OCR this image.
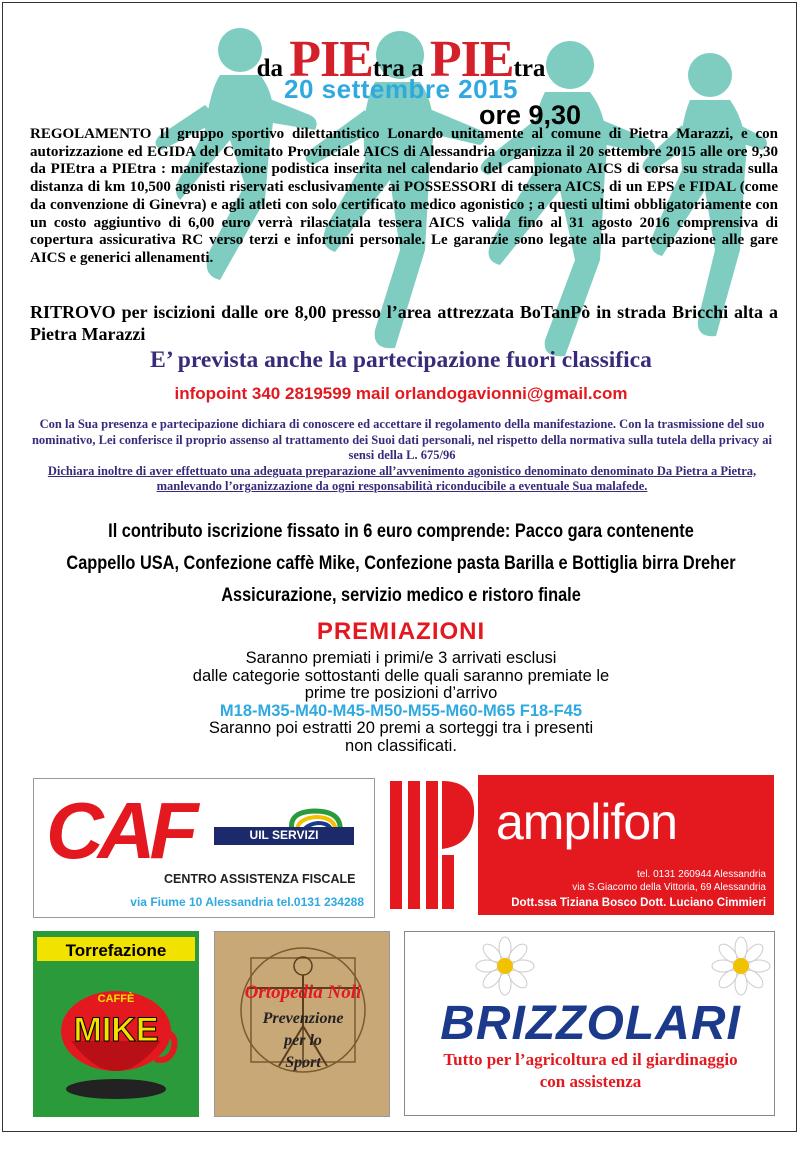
da PIEtra a PIEtra
20 settembre 2015
ore 9,30
REGOLAMENTO Il gruppo sportivo dilettantistico Lonardo unitamente al comune di Pietra Marazzi, e con autorizzazione ed EGIDA del Comitato Provinciale AICS di Alessandria organizza il 20 settembre 2015 alle ore 9,30 da PIEtra a PIEtra : manifestazione podistica inserita nel calendario del campionato AICS di corsa su strada sulla distanza di km 10,500 agonisti riservati esclusivamente ai POSSESSORI di tessera AICS, di un EPS e FIDAL (come da convenzione di Ginevra) e agli atleti con solo certificato medico agonistico ; a questi ultimi obbligatoriamente con un costo aggiuntivo di 6,00 euro verrà rilasciatala tessera AICS valida fino al 31 agosto 2016 comprensiva di copertura assicurativa RC verso terzi e infortuni personale. Le garanzie sono legate alla partecipazione alle gare AICS e generici allenamenti.
RITROVO per iscizioni dalle ore 8,00 presso l’area attrezzata BoTanPò in strada Bricchi alta a Pietra Marazzi
E’ prevista anche la partecipazione fuori classifica
infopoint 340 2819599 mail orlandogavionni@gmail.com
Con la Sua presenza e partecipazione dichiara di conoscere ed accettare il regolamento della manifestazione. Con la trasmissione del suo nominativo, Lei conferisce il proprio assenso al trattamento dei Suoi dati personali, nel rispetto della normativa sulla tutela della privacy ai sensi della L. 675/96
Dichiara inoltre di aver effettuato una adeguata preparazione all’avvenimento agonistico denominato denominato Da Pietra a Pietra, manlevando l’organizzazione da ogni responsabilità riconducibile a eventuale Sua malafede.
Il contributo iscrizione fissato in 6 euro comprende: Pacco gara contenente
Cappello USA, Confezione caffè Mike, Confezione pasta Barilla e Bottiglia birra Dreher
Assicurazione, servizio medico e ristoro finale
PREMIAZIONI
Saranno premiati i primi/e 3 arrivati esclusi
dalle categorie sottostanti delle quali saranno premiate le
prime tre posizioni d’arrivo
M18-M35-M40-M45-M50-M55-M60-M65 F18-F45
Saranno poi estratti 20 premi a sorteggi tra i presenti
non classificati.
CAF	UIL SERVIZI
CENTRO ASSISTENZA FISCALE
via Fiume 10 Alessandria tel.0131 234288
amplifon
tel. 0131 260944 Alessandria
via S.Giacomo della Vittoria, 69 Alessandria
Dott.ssa Tiziana Bosco Dott. Luciano Cimmieri
Torrefazione
CAFFÈ
MIKE
Ortopedia Noli
Prevenzione
per lo
Sport
BRIZZOLARI
Tutto per l’agricoltura ed il giardinaggio
con assistenza
